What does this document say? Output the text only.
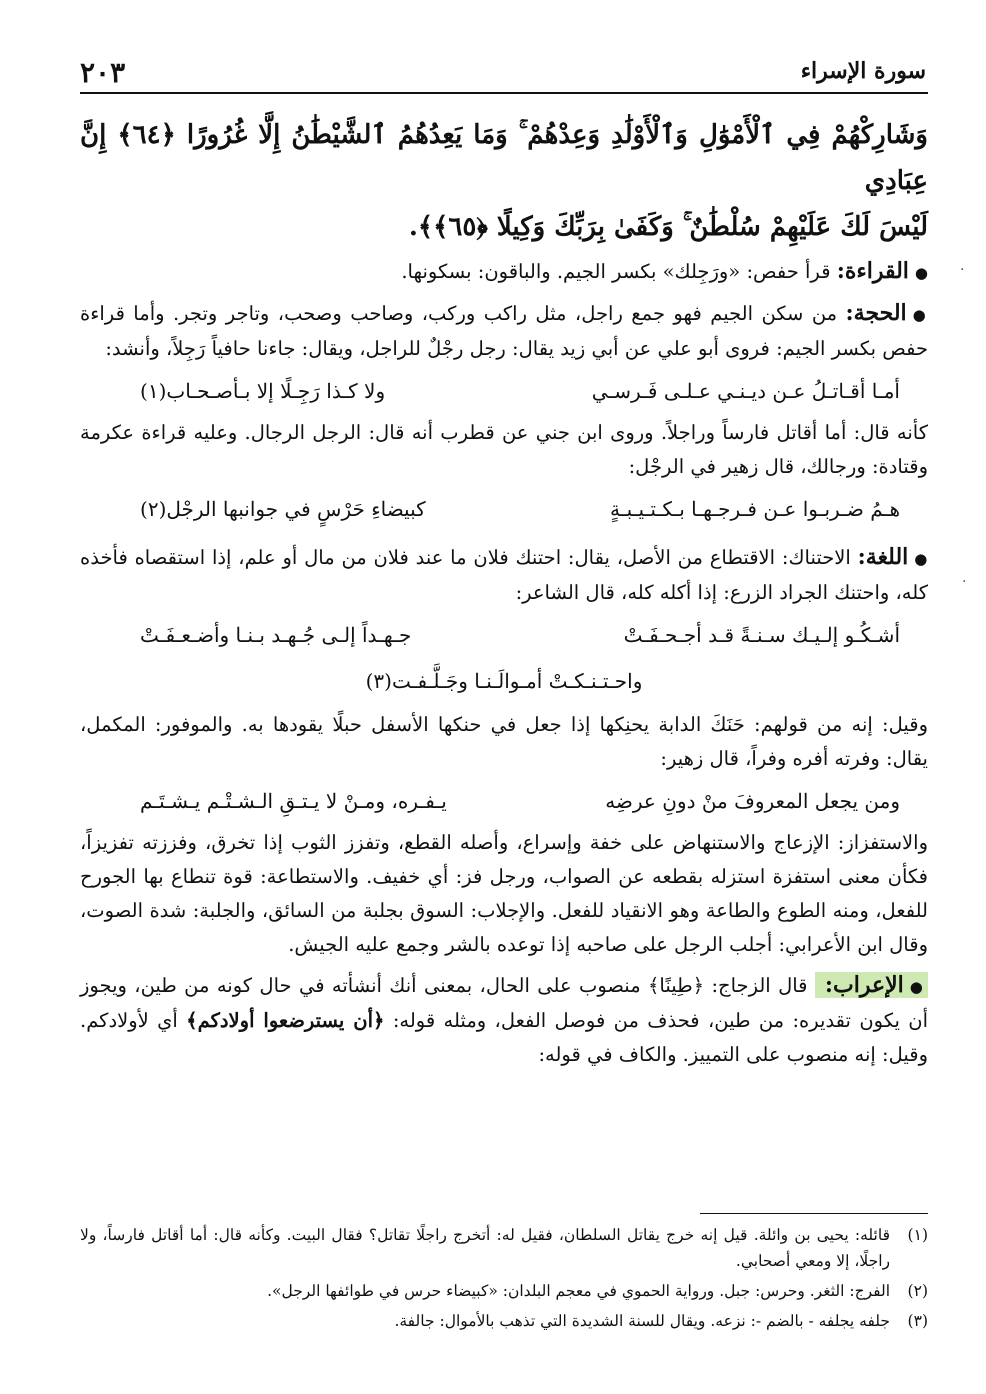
سورة الإسراء
٢٠٣
·
·
وَشَارِكْهُمْ فِي ٱلْأَمْوَٰلِ وَٱلْأَوْلَٰدِ وَعِدْهُمْ ۚ وَمَا يَعِدُهُمُ ٱلشَّيْطَٰنُ إِلَّا غُرُورًا ﴿٦٤﴾ إِنَّ عِبَادِي
لَيْسَ لَكَ عَلَيْهِمْ سُلْطَٰنٌ ۚ وَكَفَىٰ بِرَبِّكَ وَكِيلًا ﴿٦٥﴾﴾.

●القراءة: قرأ حفص: «ورَجِلك» بكسر الجيم. والباقون: بسكونها.

●الحجة: من سكن الجيم فهو جمع راجل، مثل راكب وركب، وصاحب وصحب، وتاجر وتجر. وأما قراءة حفص بكسر الجيم: فروى أبو علي عن أبي زيد يقال: رجل رجْلٌ للراجل، ويقال: جاءنا حافياً رَجِلاً، وأنشد:

أمـا أقـاتـلُ عـن ديـنـي عـلـى فَـرسـي
ولا كـذا رَجِـلًا إلا بـأصـحـاب(١)

كأنه قال: أما أقاتل فارساً وراجلاً. وروى ابن جني عن قطرب أنه قال: الرجل الرجال. وعليه قراءة عكرمة وقتادة: ورجالك، قال زهير في الرجْل:

هـمُ ضـربـوا عـن فـرجـهـا بـكـتـيـبـةٍ
كبيضاءِ حَرْسٍ في جوانبها الرجْل(٢)

●اللغة: الاحتناك: الاقتطاع من الأصل، يقال: احتنك فلان ما عند فلان من مال أو علم، إذا استقصاه فأخذه كله، واحتنك الجراد الزرع: إذا أكله كله، قال الشاعر:

أشـكُـو إلـيـك سـنـةً قـد أجـحـفَـتْ
جـهـداً إلـى جُـهـد بـنـا وأضـعـفَـتْ
واحـتـنـكـتْ أمـوالَـنـا وجَـلَّـفـت(٣)

وقيل: إنه من قولهم: حَنَكَ الدابة يحنِكها إذا جعل في حنكها الأسفل حبلًا يقودها به. والموفور: المكمل، يقال: وفرته أفره وفراً، قال زهير:

ومن يجعل المعروفَ منْ دونِ عرضِه
يـفـره، ومـنْ لا يـتـقِ الـشـتْـم يـشـتَـم

والاستفزاز: الإزعاج والاستنهاض على خفة وإسراع، وأصله القطع، وتفزز الثوب إذا تخرق، وفززته تفزيزاً، فكأن معنى استفزة استزله بقطعه عن الصواب، ورجل فز: أي خفيف. والاستطاعة: قوة تنطاع بها الجورح للفعل، ومنه الطوع والطاعة وهو الانقياد للفعل. والإجلاب: السوق بجلبة من السائق، والجلبة: شدة الصوت، وقال ابن الأعرابي: أجلب الرجل على صاحبه إذا توعده بالشر وجمع عليه الجيش.

●الإعراب: قال الزجاج: ﴿طِينًا﴾ منصوب على الحال، بمعنى أنك أنشأته في حال كونه من طين، ويجوز أن يكون تقديره: من طين، فحذف من فوصل الفعل، ومثله قوله: ﴿أن يسترضعوا أولادكم﴾ أي لأولادكم. وقيل: إنه منصوب على التمييز. والكاف في قوله:

(١)
قائله: يحيى بن وائلة. قيل إنه خرج يقاتل السلطان، فقيل له: أتخرج راجلًا تقاتل؟ فقال البيت. وكأنه قال: أما أقاتل فارساً، ولا راجلًا، إلا ومعي أصحابي.
(٢)
الفرج: الثغر. وحرس: جبل. ورواية الحموي في معجم البلدان: «كبيضاء حرس في طوائفها الرجل».
(٣)
جلفه يجلفه - بالضم -: نزعه. ويقال للسنة الشديدة التي تذهب بالأموال: جالفة.
